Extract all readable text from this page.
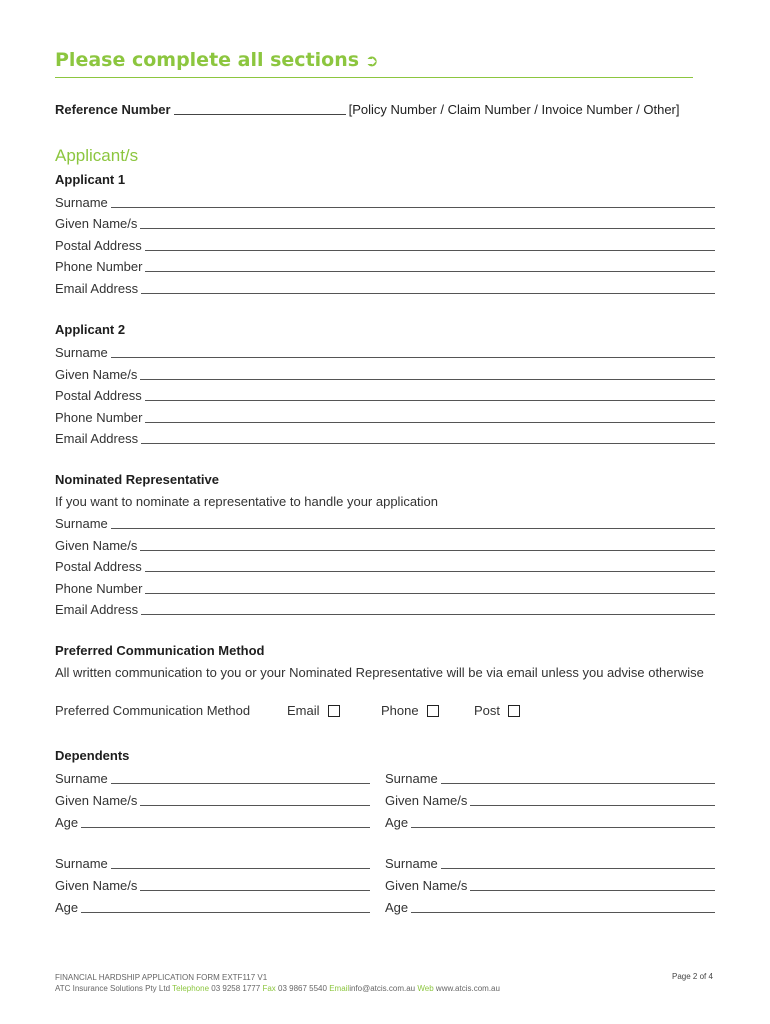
Please complete all sections ➲
Reference Number	[Policy Number / Claim Number / Invoice Number / Other]
Applicant/s
Applicant 1
Surname
Given Name/s
Postal Address
Phone Number
Email Address
Applicant 2
Surname
Given Name/s
Postal Address
Phone Number
Email Address
Nominated Representative

If you want to nominate a representative to handle your application

Surname
Given Name/s
Postal Address
Phone Number
Email Address
Preferred Communication Method

All written communication to you or your Nominated Representative will be via email unless you advise otherwise

Preferred Communication Method	Email	Phone	Post
Dependents
Surname	Surname
Given Name/s	Given Name/s
Age	Age
Surname	Surname
Given Name/s	Given Name/s
Age	Age
FINANCIAL HARDSHIP APPLICATION FORM EXTF117 V1
ATC Insurance Solutions Pty Ltd Telephone 03 9258 1777 Fax 03 9867 5540 Emailinfo@atcis.com.au Web www.atcis.com.au
Page 2 of 4
